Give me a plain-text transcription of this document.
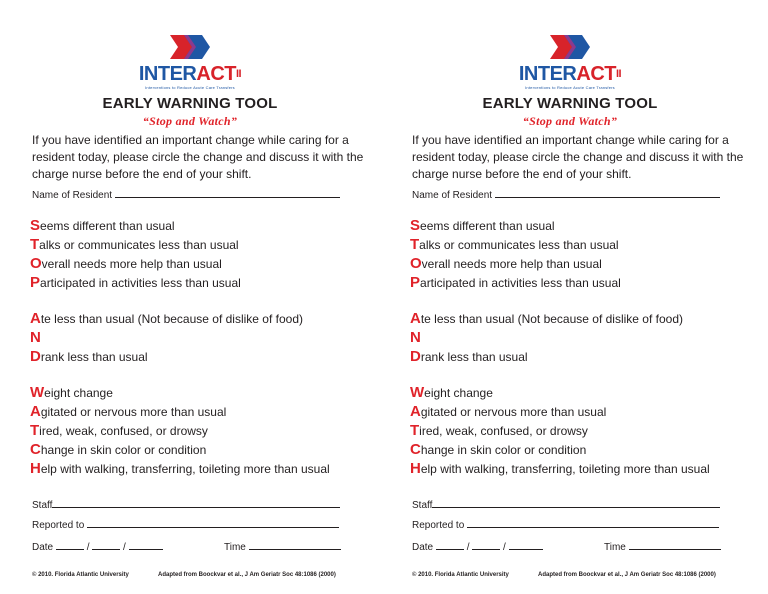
$INTERACT^{II}$
Interventions to Reduce Acute Care Transfers
EARLY WARNING TOOL
“Stop and Watch”
If you have identified an important change while caring for a resident today, please circle the change and discuss it with the charge nurse before the end of your shift.
Name of Resident
Seems different than usual
Talks or communicates less than usual
Overall needs more help than usual
Participated in activities less than usual
Ate less than usual (Not because of dislike of food)
N
Drank less than usual
Weight change
Agitated or nervous more than usual
Tired, weak, confused, or drowsy
Change in skin color or condition
Help with walking, transferring, toileting more than usual
Staff
Reported to
Date	/	/	Time
© 2010. Florida Atlantic University	Adapted from Boockvar et al., J Am Geriatr Soc 48:1086 (2000)
$INTERACT^{II}$
Interventions to Reduce Acute Care Transfers
EARLY WARNING TOOL
“Stop and Watch”
If you have identified an important change while caring for a resident today, please circle the change and discuss it with the charge nurse before the end of your shift.
Name of Resident
Seems different than usual
Talks or communicates less than usual
Overall needs more help than usual
Participated in activities less than usual
Ate less than usual (Not because of dislike of food)
N
Drank less than usual
Weight change
Agitated or nervous more than usual
Tired, weak, confused, or drowsy
Change in skin color or condition
Help with walking, transferring, toileting more than usual
Staff
Reported to
Date	/	/	Time
© 2010. Florida Atlantic University	Adapted from Boockvar et al., J Am Geriatr Soc 48:1086 (2000)
